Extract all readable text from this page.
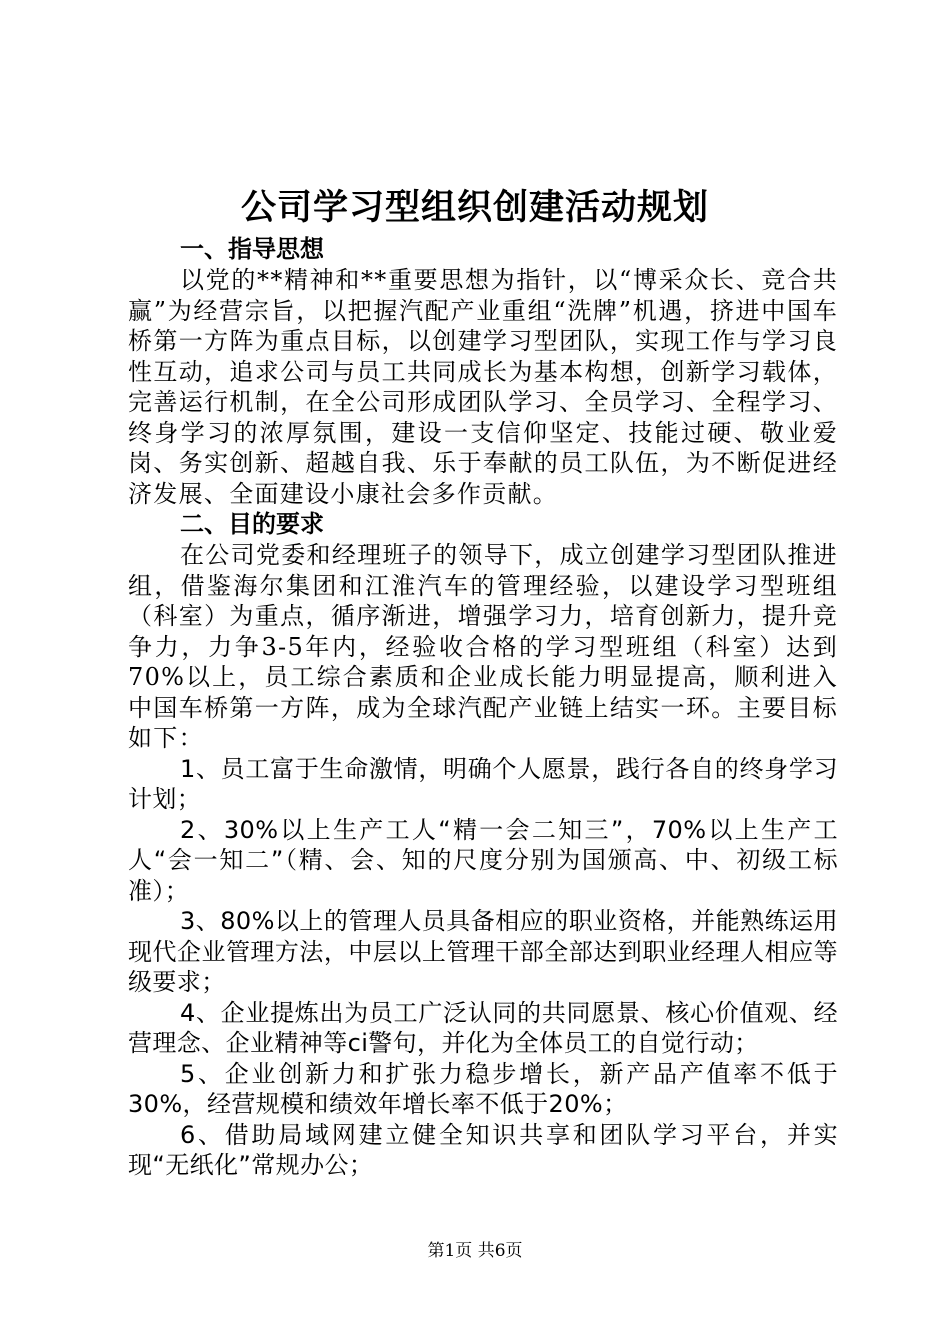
公司学习型组织创建活动规划
一、指导思想

以党的**精神和**重要思想为指针，以“博采众长、竞合共赢”为经营宗旨，以把握汽配产业重组“洗牌”机遇，挤进中国车桥第一方阵为重点目标，以创建学习型团队，实现工作与学习良性互动，追求公司与员工共同成长为基本构想，创新学习载体，完善运行机制，在全公司形成团队学习、全员学习、全程学习、终身学习的浓厚氛围，建设一支信仰坚定、技能过硬、敬业爱岗、务实创新、超越自我、乐于奉献的员工队伍，为不断促进经济发展、全面建设小康社会多作贡献。

二、目的要求

在公司党委和经理班子的领导下，成立创建学习型团队推进组，借鉴海尔集团和江淮汽车的管理经验，以建设学习型班组（科室）为重点，循序渐进，增强学习力，培育创新力，提升竞争力，力争3-5年内，经验收合格的学习型班组（科室）达到70%以上，员工综合素质和企业成长能力明显提高，顺利进入中国车桥第一方阵，成为全球汽配产业链上结实一环。主要目标如下：

1、员工富于生命激情，明确个人愿景，践行各自的终身学习计划；

2、30%以上生产工人“精一会二知三”，70%以上生产工人“会一知二”（精、会、知的尺度分别为国颁高、中、初级工标准）；

3、80%以上的管理人员具备相应的职业资格，并能熟练运用现代企业管理方法，中层以上管理干部全部达到职业经理人相应等级要求；

4、企业提炼出为员工广泛认同的共同愿景、核心价值观、经营理念、企业精神等ci警句，并化为全体员工的自觉行动；

5、企业创新力和扩张力稳步增长，新产品产值率不低于30%，经营规模和绩效年增长率不低于20%；

6、借助局域网建立健全知识共享和团队学习平台，并实现“无纸化”常规办公；

第1页 共6页
